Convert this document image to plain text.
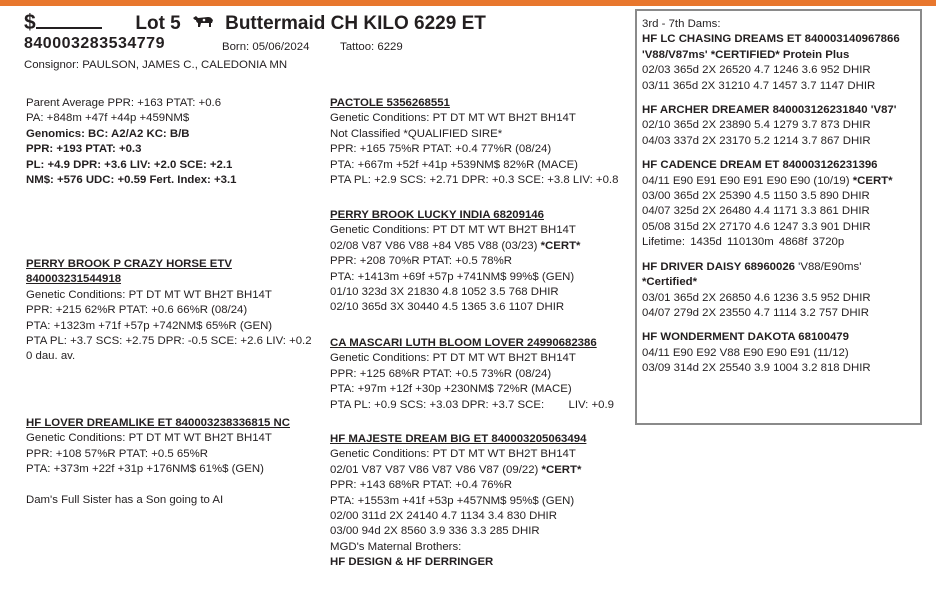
$	Lot 5 Buttermaid CH KILO 6229 ET
840003283534779	Born: 05/06/2024	Tattoo: 6229
Consignor: PAULSON, JAMES C., CALEDONIA MN
Parent Average PPR: +163 PTAT: +0.6
PA: +848m +47f +44p +459NM$
Genomics: BC: A2/A2 KC: B/B
PPR: +193 PTAT: +0.3
PL: +4.9 DPR: +3.6 LIV: +2.0 SCE: +2.1
NM$: +576 UDC: +0.59 Fert. Index: +3.1
PERRY BROOK P CRAZY HORSE ETV
840003231544918
Genetic Conditions: PT DT MT WT BH2T BH14T
PPR: +215 62%R PTAT: +0.6 66%R (08/24)
PTA: +1323m +71f +57p +742NM$ 65%R (GEN)
PTA PL: +3.7 SCS: +2.75 DPR: -0.5 SCE: +2.6 LIV: +0.2
0 dau. av.
HF LOVER DREAMLIKE ET 840003238336815 NC
Genetic Conditions: PT DT MT WT BH2T BH14T
PPR: +108 57%R PTAT: +0.5 65%R
PTA: +373m +22f +31p +176NM$ 61%$ (GEN)
Dam's Full Sister has a Son going to AI
PACTOLE 5356268551
Genetic Conditions: PT DT MT WT BH2T BH14T
Not Classified *QUALIFIED SIRE*
PPR: +165 75%R PTAT: +0.4 77%R (08/24)
PTA: +667m +52f +41p +539NM$ 82%R (MACE)
PTA PL: +2.9 SCS: +2.71 DPR: +0.3 SCE: +3.8 LIV: +0.8
PERRY BROOK LUCKY INDIA 68209146
Genetic Conditions: PT DT MT WT BH2T BH14T
02/08 V87 V86 V88 +84 V85 V88 (03/23) *CERT*
PPR: +208 70%R PTAT: +0.5 78%R
PTA: +1413m +69f +57p +741NM$ 99%$ (GEN)
01/10 323d 3X 21830 4.8 1052 3.5 768 DHIR
02/10 365d 3X 30440 4.5 1365 3.6 1107 DHIR
CA MASCARI LUTH BLOOM LOVER 24990682386
Genetic Conditions: PT DT MT WT BH2T BH14T
PPR: +125 68%R PTAT: +0.5 73%R (08/24)
PTA: +97m +12f +30p +230NM$ 72%R (MACE)
PTA PL: +0.9 SCS: +3.03 DPR: +3.7 SCE: LIV: +0.9
HF MAJESTE DREAM BIG ET 840003205063494
Genetic Conditions: PT DT MT WT BH2T BH14T
02/01 V87 V87 V86 V87 V86 V87 (09/22) *CERT*
PPR: +143 68%R PTAT: +0.4 76%R
PTA: +1553m +41f +53p +457NM$ 95%$ (GEN)
02/00 311d 2X 24140 4.7 1134 3.4 830 DHIR
03/00 94d 2X 8560 3.9 336 3.3 285 DHIR
MGD's Maternal Brothers:
HF DESIGN & HF DERRINGER
3rd - 7th Dams:
HF LC CHASING DREAMS ET 840003140967866
'V88/V87ms' *CERTIFIED* Protein Plus
02/03 365d 2X 26520 4.7 1246 3.6 952 DHIR
03/11 365d 2X 31210 4.7 1457 3.7 1147 DHIR
HF ARCHER DREAMER 840003126231840 'V87'
02/10 365d 2X 23890 5.4 1279 3.7 873 DHIR
04/03 337d 2X 23170 5.2 1214 3.7 867 DHIR
HF CADENCE DREAM ET 840003126231396
04/11 E90 E91 E90 E91 E90 E90 (10/19) *CERT*
03/00 365d 2X 25390 4.5 1150 3.5 890 DHIR
04/07 325d 2X 26480 4.4 1171 3.3 861 DHIR
05/08 315d 2X 27170 4.6 1247 3.3 901 DHIR
Lifetime: 1435d 110130m 4868f 3720p
HF DRIVER DAISY 68960026 'V88/E90ms'
*Certified*
03/01 365d 2X 26850 4.6 1236 3.5 952 DHIR
04/07 279d 2X 23550 4.7 1114 3.2 757 DHIR
HF WONDERMENT DAKOTA 68100479
04/11 E90 E92 V88 E90 E90 E91 (11/12)
03/09 314d 2X 25540 3.9 1004 3.2 818 DHIR
